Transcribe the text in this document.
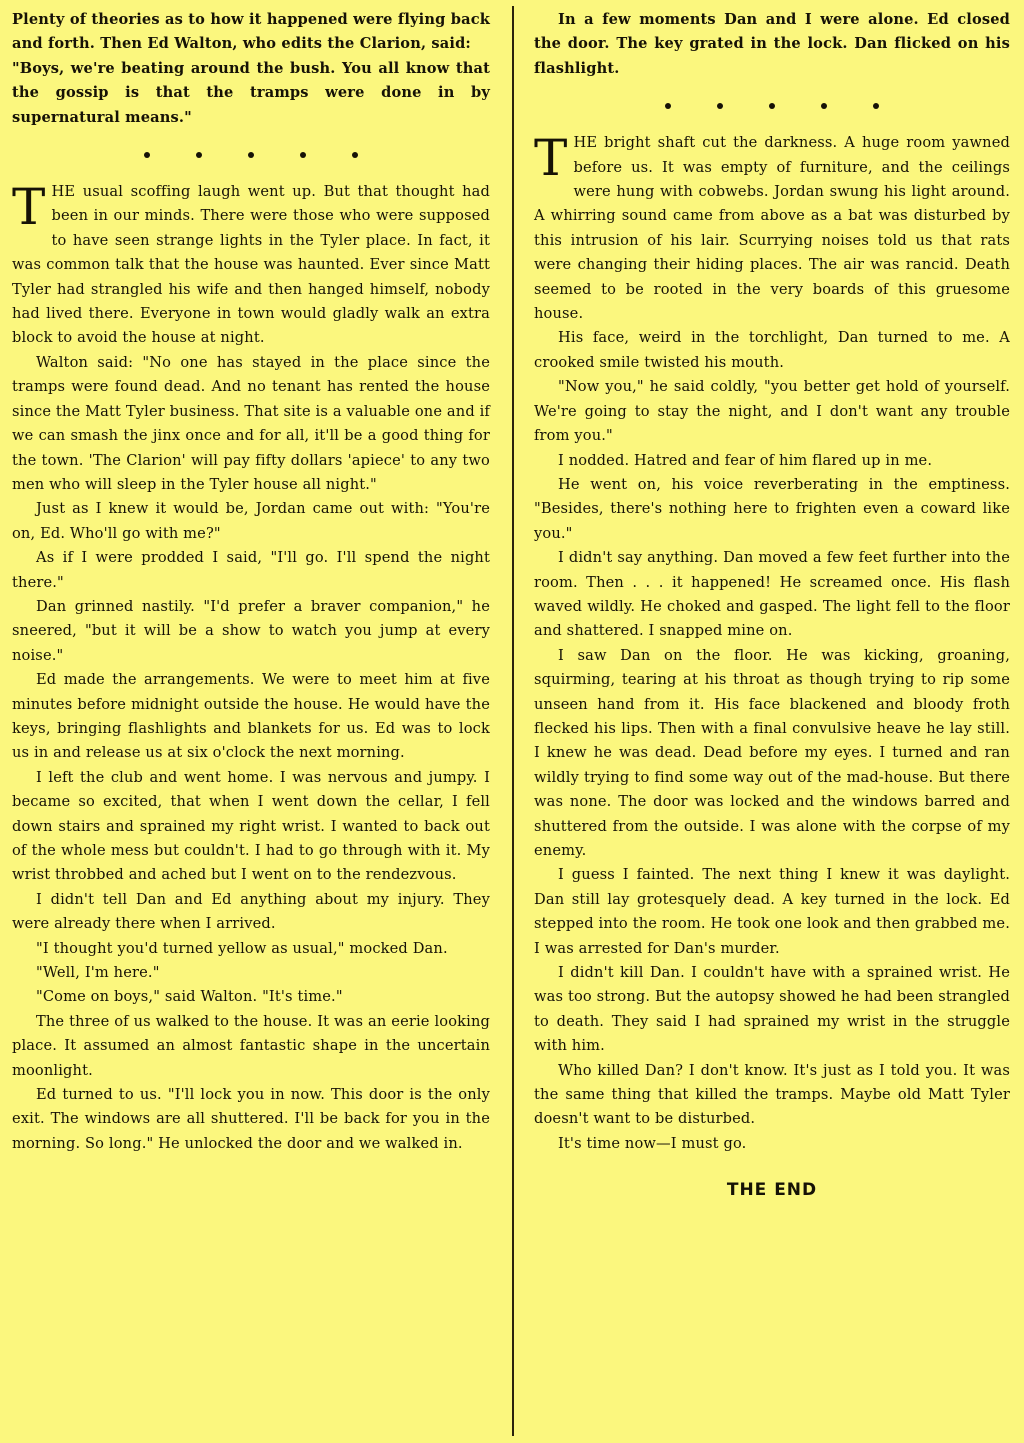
Plenty of theories as to how it happened were flying back and forth. Then Ed Walton, who edits the Clarion, said:

"Boys, we're beating around the bush. You all know that the gossip is that the tramps were done in by supernatural means."

THE usual scoffing laugh went up. But that thought had been in our minds. There were those who were supposed to have seen strange lights in the Tyler place. In fact, it was common talk that the house was haunted. Ever since Matt Tyler had strangled his wife and then hanged himself, nobody had lived there. Everyone in town would gladly walk an extra block to avoid the house at night.

Walton said: "No one has stayed in the place since the tramps were found dead. And no tenant has rented the house since the Matt Tyler business. That site is a valuable one and if we can smash the jinx once and for all, it'll be a good thing for the town. 'The Clarion' will pay fifty dollars 'apiece' to any two men who will sleep in the Tyler house all night."

Just as I knew it would be, Jordan came out with: "You're on, Ed. Who'll go with me?"

As if I were prodded I said, "I'll go. I'll spend the night there."

Dan grinned nastily. "I'd prefer a braver companion," he sneered, "but it will be a show to watch you jump at every noise."

Ed made the arrangements. We were to meet him at five minutes before midnight outside the house. He would have the keys, bringing flashlights and blankets for us. Ed was to lock us in and release us at six o'clock the next morning.

I left the club and went home. I was nervous and jumpy. I became so excited, that when I went down the cellar, I fell down stairs and sprained my right wrist. I wanted to back out of the whole mess but couldn't. I had to go through with it. My wrist throbbed and ached but I went on to the rendezvous.

I didn't tell Dan and Ed anything about my injury. They were already there when I arrived.

"I thought you'd turned yellow as usual," mocked Dan.

"Well, I'm here."

"Come on boys," said Walton. "It's time."

The three of us walked to the house. It was an eerie looking place. It assumed an almost fantastic shape in the uncertain moonlight.

Ed turned to us. "I'll lock you in now. This door is the only exit. The windows are all shuttered. I'll be back for you in the morning. So long." He unlocked the door and we walked in.

In a few moments Dan and I were alone. Ed closed the door. The key grated in the lock. Dan flicked on his flashlight.

THE bright shaft cut the darkness. A huge room yawned before us. It was empty of furniture, and the ceilings were hung with cobwebs. Jordan swung his light around. A whirring sound came from above as a bat was disturbed by this intrusion of his lair. Scurrying noises told us that rats were changing their hiding places. The air was rancid. Death seemed to be rooted in the very boards of this gruesome house.

His face, weird in the torchlight, Dan turned to me. A crooked smile twisted his mouth.

"Now you," he said coldly, "you better get hold of yourself. We're going to stay the night, and I don't want any trouble from you."

I nodded. Hatred and fear of him flared up in me.

He went on, his voice reverberating in the emptiness. "Besides, there's nothing here to frighten even a coward like you."

I didn't say anything. Dan moved a few feet further into the room. Then . . . it happened! He screamed once. His flash waved wildly. He choked and gasped. The light fell to the floor and shattered. I snapped mine on.

I saw Dan on the floor. He was kicking, groaning, squirming, tearing at his throat as though trying to rip some unseen hand from it. His face blackened and bloody froth flecked his lips. Then with a final convulsive heave he lay still. I knew he was dead. Dead before my eyes. I turned and ran wildly trying to find some way out of the mad-house. But there was none. The door was locked and the windows barred and shuttered from the outside. I was alone with the corpse of my enemy.

I guess I fainted. The next thing I knew it was daylight. Dan still lay grotesquely dead. A key turned in the lock. Ed stepped into the room. He took one look and then grabbed me. I was arrested for Dan's murder.

I didn't kill Dan. I couldn't have with a sprained wrist. He was too strong. But the autopsy showed he had been strangled to death. They said I had sprained my wrist in the struggle with him.

Who killed Dan? I don't know. It's just as I told you. It was the same thing that killed the tramps. Maybe old Matt Tyler doesn't want to be disturbed.

It's time now—I must go.

THE END
